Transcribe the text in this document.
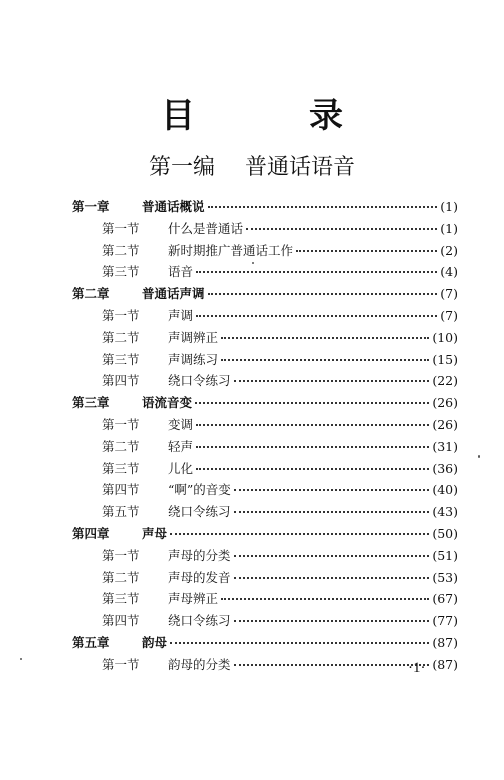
目　录
第一编 普通话语音
第一章	普通话概说	(1)
第一节	什么是普通话	(1)
第二节	新时期推广普通话工作	(2)
第三节	语音	(4)
第二章	普通话声调	(7)
第一节	声调	(7)
第二节	声调辨正	(10)
第三节	声调练习	(15)
第四节	绕口令练习	(22)
第三章	语流音变	(26)
第一节	变调	(26)
第二节	轻声	(31)
第三节	儿化	(36)
第四节	“啊”的音变	(40)
第五节	绕口令练习	(43)
第四章	声母	(50)
第一节	声母的分类	(51)
第二节	声母的发音	(53)
第三节	声母辨正	(67)
第四节	绕口令练习	(77)
第五章	韵母	(87)
第一节	韵母的分类	(87)
·1·
